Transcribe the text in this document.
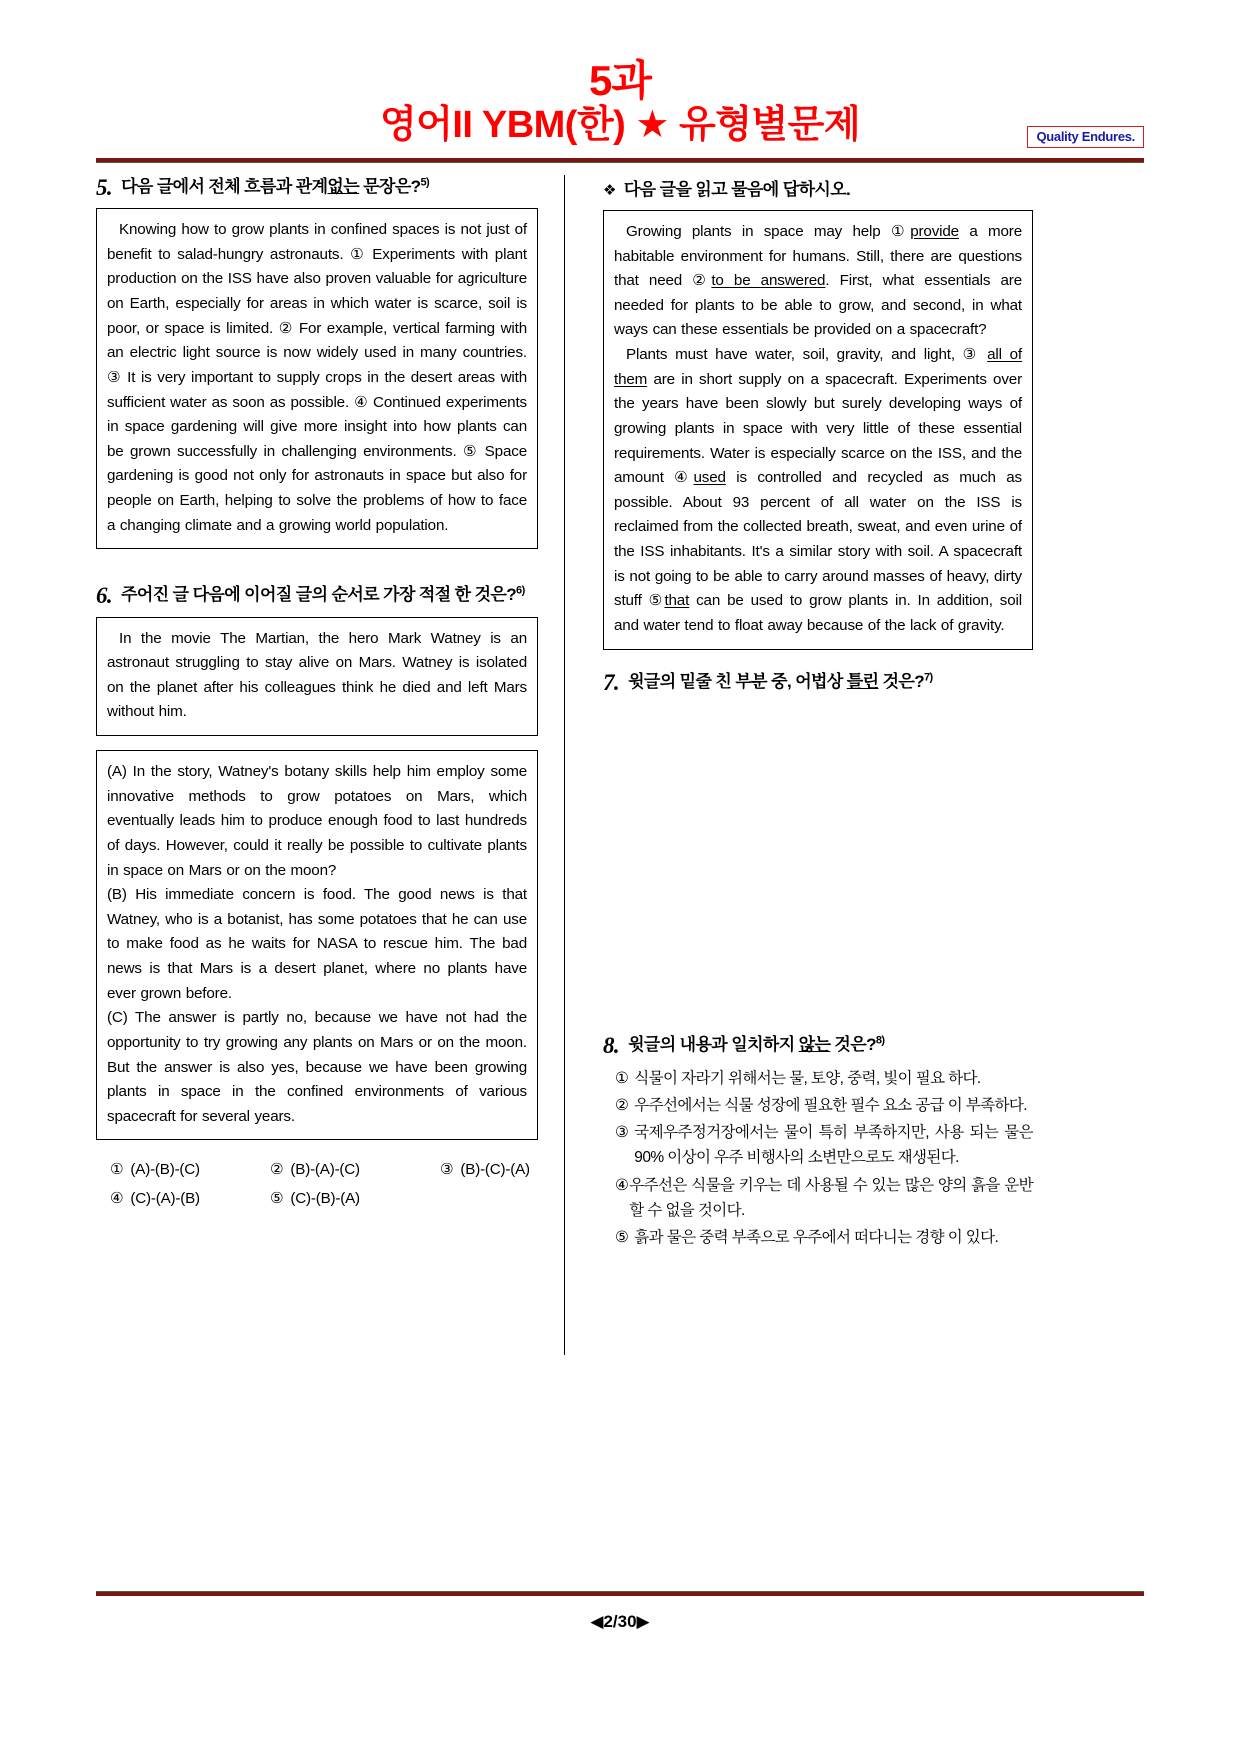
5과
영어II YBM(한) ★ 유형별문제	Quality Endures.
5. 다음 글에서 전체 흐름과 관계없는 문장은?$^{5)}$

Knowing how to grow plants in confined spaces is not just of benefit to salad-hungry astronauts. ① Experiments with plant production on the ISS have also proven valuable for agriculture on Earth, especially for areas in which water is scarce, soil is poor, or space is limited. ② For example, vertical farming with an electric light source is now widely used in many countries. ③ It is very important to supply crops in the desert areas with sufficient water as soon as possible. ④ Continued experiments in space gardening will give more insight into how plants can be grown successfully in challenging environments. ⑤ Space gardening is good not only for astronauts in space but also for people on Earth, helping to solve the problems of how to face a changing climate and a growing world population.

6. 주어진 글 다음에 이어질 글의 순서로 가장 적절 한 것은?$^{6)}$

In the movie The Martian, the hero Mark Watney is an astronaut struggling to stay alive on Mars. Watney is isolated on the planet after his colleagues think he died and left Mars without him.

(A) In the story, Watney's botany skills help him employ some innovative methods to grow potatoes on Mars, which eventually leads him to produce enough food to last hundreds of days. However, could it really be possible to cultivate plants in space on Mars or on the moon?

(B) His immediate concern is food. The good news is that Watney, who is a botanist, has some potatoes that he can use to make food as he waits for NASA to rescue him. The bad news is that Mars is a desert planet, where no plants have ever grown before.

(C) The answer is partly no, because we have not had the opportunity to try growing any plants on Mars or on the moon. But the answer is also yes, because we have been growing plants in space in the confined environments of various spacecraft for several years.

① (A)-(B)-(C)	② (B)-(A)-(C)	③ (B)-(C)-(A)
④ (C)-(A)-(B)	⑤ (C)-(B)-(A)
❖ 다음 글을 읽고 물음에 답하시오.

Growing plants in space may help ①provide a more habitable environment for humans. Still, there are questions that need ②to be answered. First, what essentials are needed for plants to be able to grow, and second, in what ways can these essentials be provided on a spacecraft?

Plants must have water, soil, gravity, and light, ③ all of them are in short supply on a spacecraft. Experiments over the years have been slowly but surely developing ways of growing plants in space with very little of these essential requirements. Water is especially scarce on the ISS, and the amount ④used is controlled and recycled as much as possible. About 93 percent of all water on the ISS is reclaimed from the collected breath, sweat, and even urine of the ISS inhabitants. It's a similar story with soil. A spacecraft is not going to be able to carry around masses of heavy, dirty stuff ⑤that can be used to grow plants in. In addition, soil and water tend to float away because of the lack of gravity.

7. 윗글의 밑줄 친 부분 중, 어법상 틀린 것은?$^{7)}$
8. 윗글의 내용과 일치하지 않는 것은?$^{8)}$
① 식물이 자라기 위해서는 물, 토양, 중력, 빛이 필요 하다.
② 우주선에서는 식물 성장에 필요한 필수 요소 공급 이 부족하다.
③ 국제우주정거장에서는 물이 특히 부족하지만, 사용 되는 물은 90% 이상이 우주 비행사의 소변만으로도 재생된다.
④ 우주선은 식물을 키우는 데 사용될 수 있는 많은 양의 흙을 운반할 수 없을 것이다.
⑤ 흙과 물은 중력 부족으로 우주에서 떠다니는 경향 이 있다.
◀2/30▶
